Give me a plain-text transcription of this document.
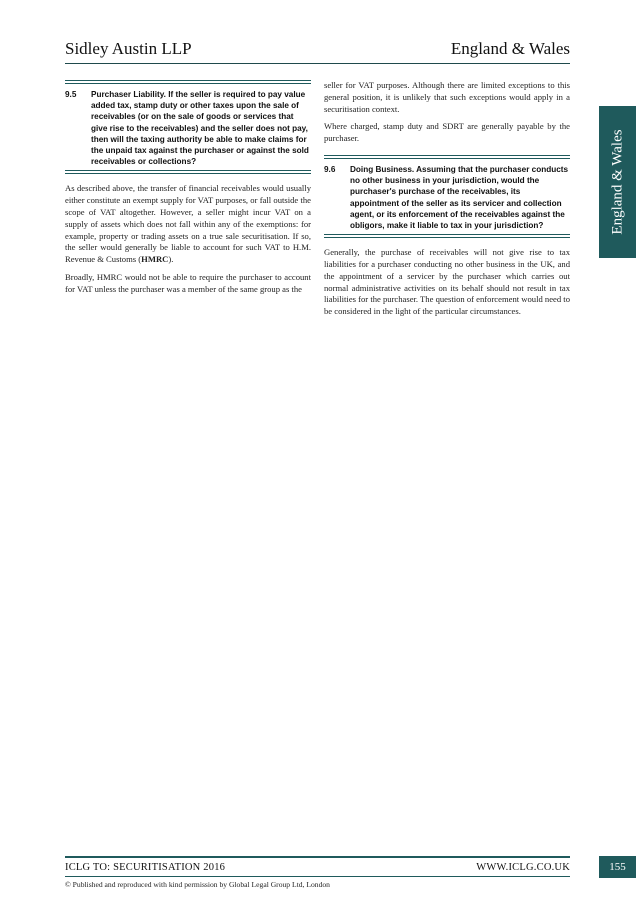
Sidley Austin LLP	England & Wales
England & Wales
9.5	Purchaser Liability. If the seller is required to pay value added tax, stamp duty or other taxes upon the sale of receivables (or on the sale of goods or services that give rise to the receivables) and the seller does not pay, then will the taxing authority be able to make claims for the unpaid tax against the purchaser or against the sold receivables or collections?

As described above, the transfer of financial receivables would usually either constitute an exempt supply for VAT purposes, or fall outside the scope of VAT altogether. However, a seller might incur VAT on a supply of assets which does not fall within any of the exemptions: for example, property or trading assets on a true sale securitisation. If so, the seller would generally be liable to account for such VAT to H.M. Revenue & Customs (HMRC).

Broadly, HMRC would not be able to require the purchaser to account for VAT unless the purchaser was a member of the same group as the

seller for VAT purposes. Although there are limited exceptions to this general position, it is unlikely that such exceptions would apply in a securitisation context.

Where charged, stamp duty and SDRT are generally payable by the purchaser.

9.6	Doing Business. Assuming that the purchaser conducts no other business in your jurisdiction, would the purchaser's purchase of the receivables, its appointment of the seller as its servicer and collection agent, or its enforcement of the receivables against the obligors, make it liable to tax in your jurisdiction?

Generally, the purchase of receivables will not give rise to tax liabilities for a purchaser conducting no other business in the UK, and the appointment of a servicer by the purchaser which carries out normal administrative activities on its behalf should not result in tax liabilities for the purchaser. The question of enforcement would need to be considered in the light of the particular circumstances.

ICLG TO: SECURITISATION 2016	WWW.ICLG.CO.UK	155
© Published and reproduced with kind permission by Global Legal Group Ltd, London
